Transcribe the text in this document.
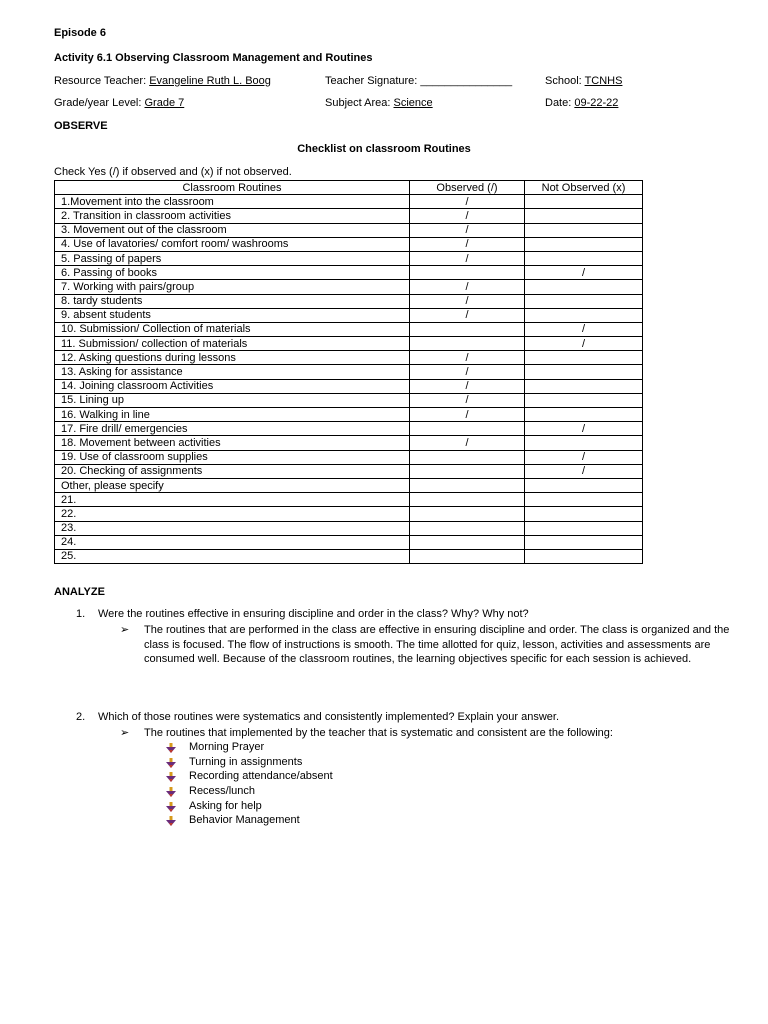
Episode 6
Activity 6.1 Observing Classroom Management and Routines
Resource Teacher: Evangeline Ruth L. Boog	Teacher Signature: _______________	School: TCNHS
Grade/year Level: Grade 7	Subject Area: Science	Date: 09-22-22
OBSERVE
Checklist on classroom Routines
Check Yes (/) if observed and (x) if not observed.
Classroom Routines	Observed (/)	Not Observed (x)
1.Movement into the classroom	/	
2. Transition in classroom activities	/	
3. Movement out of the classroom	/	
4. Use of lavatories/ comfort room/ washrooms	/	
5. Passing of papers	/	
6. Passing of books		/
7. Working with pairs/group	/	
8. tardy students	/	
9. absent students	/	
10. Submission/ Collection of materials		/
11. Submission/ collection of materials		/
12. Asking questions during lessons	/	
13. Asking for assistance	/	
14. Joining classroom Activities	/	
15. Lining up	/	
16. Walking in line	/	
17. Fire drill/ emergencies		/
18. Movement between activities	/	
19. Use of classroom supplies		/
20. Checking of assignments		/
Other, please specify		
21.		
22.		
23.		
24.		
25.		
ANALYZE
1. Were the routines effective in ensuring discipline and order in the class? Why? Why not?
➢ The routines that are performed in the class are effective in ensuring discipline and order. The class is organized and the class is focused. The flow of instructions is smooth. The time allotted for quiz, lesson, activities and assessments are consumed well. Because of the classroom routines, the learning objectives specific for each session is achieved.
2. Which of those routines were systematics and consistently implemented? Explain your answer.
➢ The routines that implemented by the teacher that is systematic and consistent are the following:
Morning Prayer
Turning in assignments
Recording attendance/absent
Recess/lunch
Asking for help
Behavior Management
